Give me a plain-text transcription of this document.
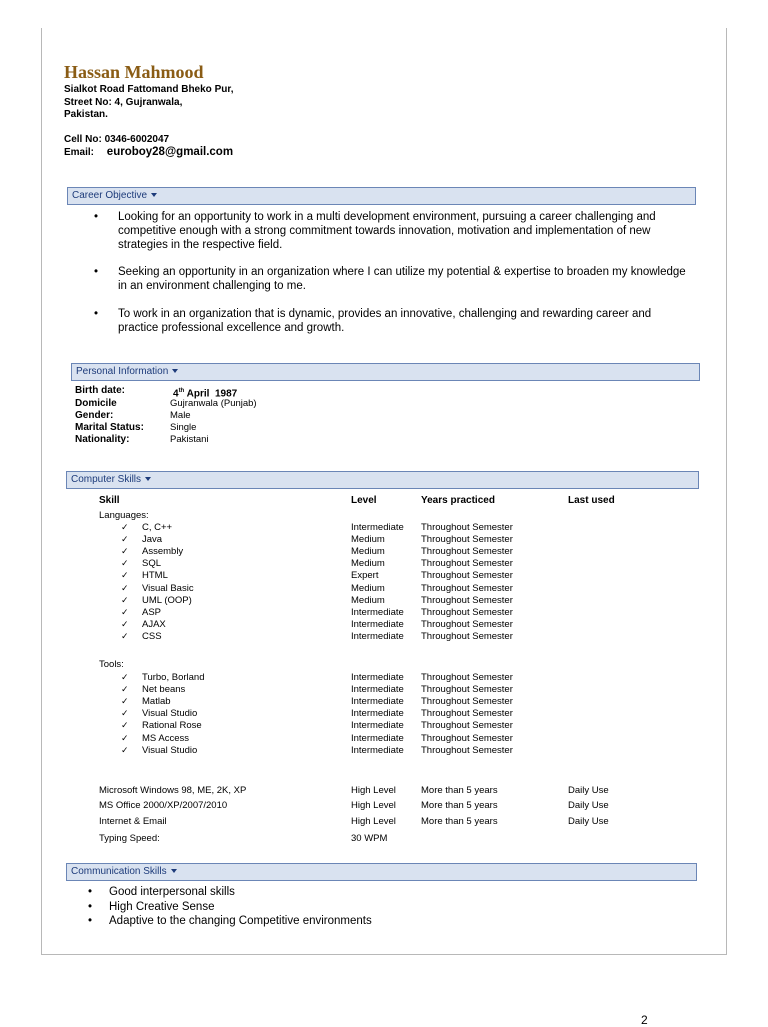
Hassan Mahmood
Sialkot Road Fattomand Bheko Pur,
Street No: 4, Gujranwala,
Pakistan.
Cell No: 0346-6002047
Email: euroboy28@gmail.com
Career Objective
• Looking for an opportunity to work in a multi development environment, pursuing a career challenging and
competitive enough with a strong commitment towards innovation, motivation and implementation of new
strategies in the respective field.
• Seeking an opportunity in an organization where I can utilize my potential & expertise to broaden my knowledge
in an environment challenging to me.
• To work in an organization that is dynamic, provides an innovative, challenging and rewarding career and
practice professional excellence and growth.
Personal Information
Birth date:	4th April  1987
Domicile	Gujranwala (Punjab)
Gender:	Male
Marital Status:	Single
Nationality:	Pakistani
Computer Skills
Skill	Level	Years practiced	Last used
Languages:
✓ C, C++	Intermediate Throughout Semester
✓ Java	Medium	Throughout Semester
✓ Assembly	Medium	Throughout Semester
✓ SQL	Medium	Throughout Semester
✓ HTML	Expert	Throughout Semester
✓ Visual Basic	Medium	Throughout Semester
✓ UML (OOP)	Medium	Throughout Semester
✓ ASP	Intermediate Throughout Semester
✓ AJAX	Intermediate Throughout Semester
✓ CSS	Intermediate Throughout Semester
Tools:
✓ Turbo, Borland	Intermediate Throughout Semester
✓ Net beans	Intermediate Throughout Semester
✓ Matlab	Intermediate Throughout Semester
✓ Visual Studio	Intermediate Throughout Semester
✓ Rational Rose	Intermediate Throughout Semester
✓ MS Access	Intermediate Throughout Semester
✓ Visual Studio	Intermediate Throughout Semester
Microsoft Windows 98, ME, 2K, XP	High Level	More than 5 years	Daily Use
MS Office 2000/XP/2007/2010	High Level	More than 5 years	Daily Use
Internet & Email	High Level	More than 5 years	Daily Use
Typing Speed:	30 WPM
Communication Skills
• Good interpersonal skills
• High Creative Sense
• Adaptive to the changing Competitive environments
2
